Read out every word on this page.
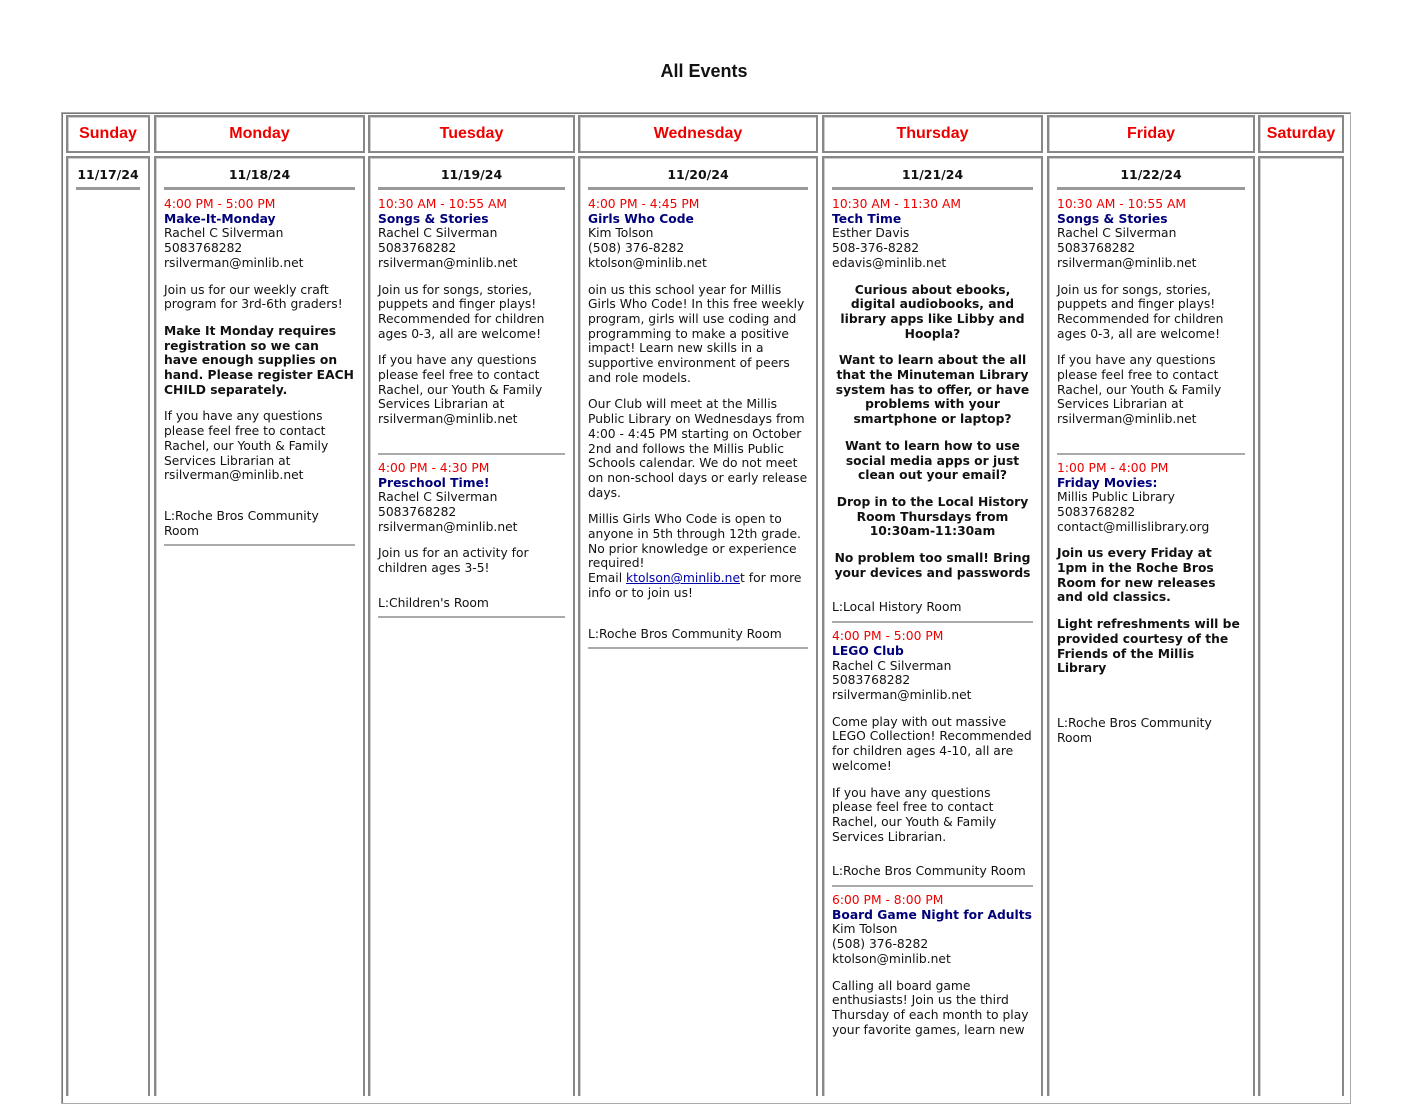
All Events
Sunday
11/17/24
Monday
11/18/24
4:00 PM - 5:00 PM
Make-It-Monday
Rachel C Silverman
5083768282
rsilverman@minlib.net

Join us for our weekly craft program for 3rd-6th graders!

Make It Monday requires registration so we can have enough supplies on hand. Please register EACH CHILD separately.

If you have any questions please feel free to contact Rachel, our Youth & Family Services Librarian at rsilverman@minlib.net

L:Roche Bros Community Room
Tuesday
11/19/24
10:30 AM - 10:55 AM
Songs & Stories
Rachel C Silverman
5083768282
rsilverman@minlib.net

Join us for songs, stories, puppets and finger plays! Recommended for children ages 0-3, all are welcome!

If you have any questions please feel free to contact Rachel, our Youth & Family Services Librarian at rsilverman@minlib.net

4:00 PM - 4:30 PM
Preschool Time!
Rachel C Silverman
5083768282
rsilverman@minlib.net

Join us for an activity for children ages 3-5!

L:Children's Room
Wednesday
11/20/24
4:00 PM - 4:45 PM
Girls Who Code
Kim Tolson
(508) 376-8282
ktolson@minlib.net

oin us this school year for Millis Girls Who Code! In this free weekly program, girls will use coding and programming to make a positive impact! Learn new skills in a supportive environment of peers and role models.

Our Club will meet at the Millis Public Library on Wednesdays from 4:00 - 4:45 PM starting on October 2nd and follows the Millis Public Schools calendar. We do not meet on non-school days or early release days.

Millis Girls Who Code is open to anyone in 5th through 12th grade. No prior knowledge or experience required!
Email ktolson@minlib.net for more info or to join us!

L:Roche Bros Community Room
Thursday
11/21/24
10:30 AM - 11:30 AM
Tech Time
Esther Davis
508-376-8282
edavis@minlib.net

Curious about ebooks, digital audiobooks, and library apps like Libby and Hoopla?

Want to learn about the all that the Minuteman Library system has to offer, or have problems with your smartphone or laptop?

Want to learn how to use social media apps or just clean out your email?

Drop in to the Local History Room Thursdays from 10:30am-11:30am

No problem too small! Bring your devices and passwords

L:Local History Room
4:00 PM - 5:00 PM
LEGO Club
Rachel C Silverman
5083768282
rsilverman@minlib.net

Come play with out massive LEGO Collection! Recommended for children ages 4-10, all are welcome!

If you have any questions please feel free to contact Rachel, our Youth & Family Services Librarian.

L:Roche Bros Community Room
6:00 PM - 8:00 PM
Board Game Night for Adults
Kim Tolson
(508) 376-8282
ktolson@minlib.net

Calling all board game enthusiasts! Join us the third Thursday of each month to play your favorite games, learn new

Friday
11/22/24
10:30 AM - 10:55 AM
Songs & Stories
Rachel C Silverman
5083768282
rsilverman@minlib.net

Join us for songs, stories, puppets and finger plays! Recommended for children ages 0-3, all are welcome!

If you have any questions please feel free to contact Rachel, our Youth & Family Services Librarian at rsilverman@minlib.net

1:00 PM - 4:00 PM
Friday Movies:
Millis Public Library
5083768282
contact@millislibrary.org

Join us every Friday at 1pm in the Roche Bros Room for new releases and old classics.

Light refreshments will be provided courtesy of the Friends of the Millis Library

L:Roche Bros Community Room
Saturday
